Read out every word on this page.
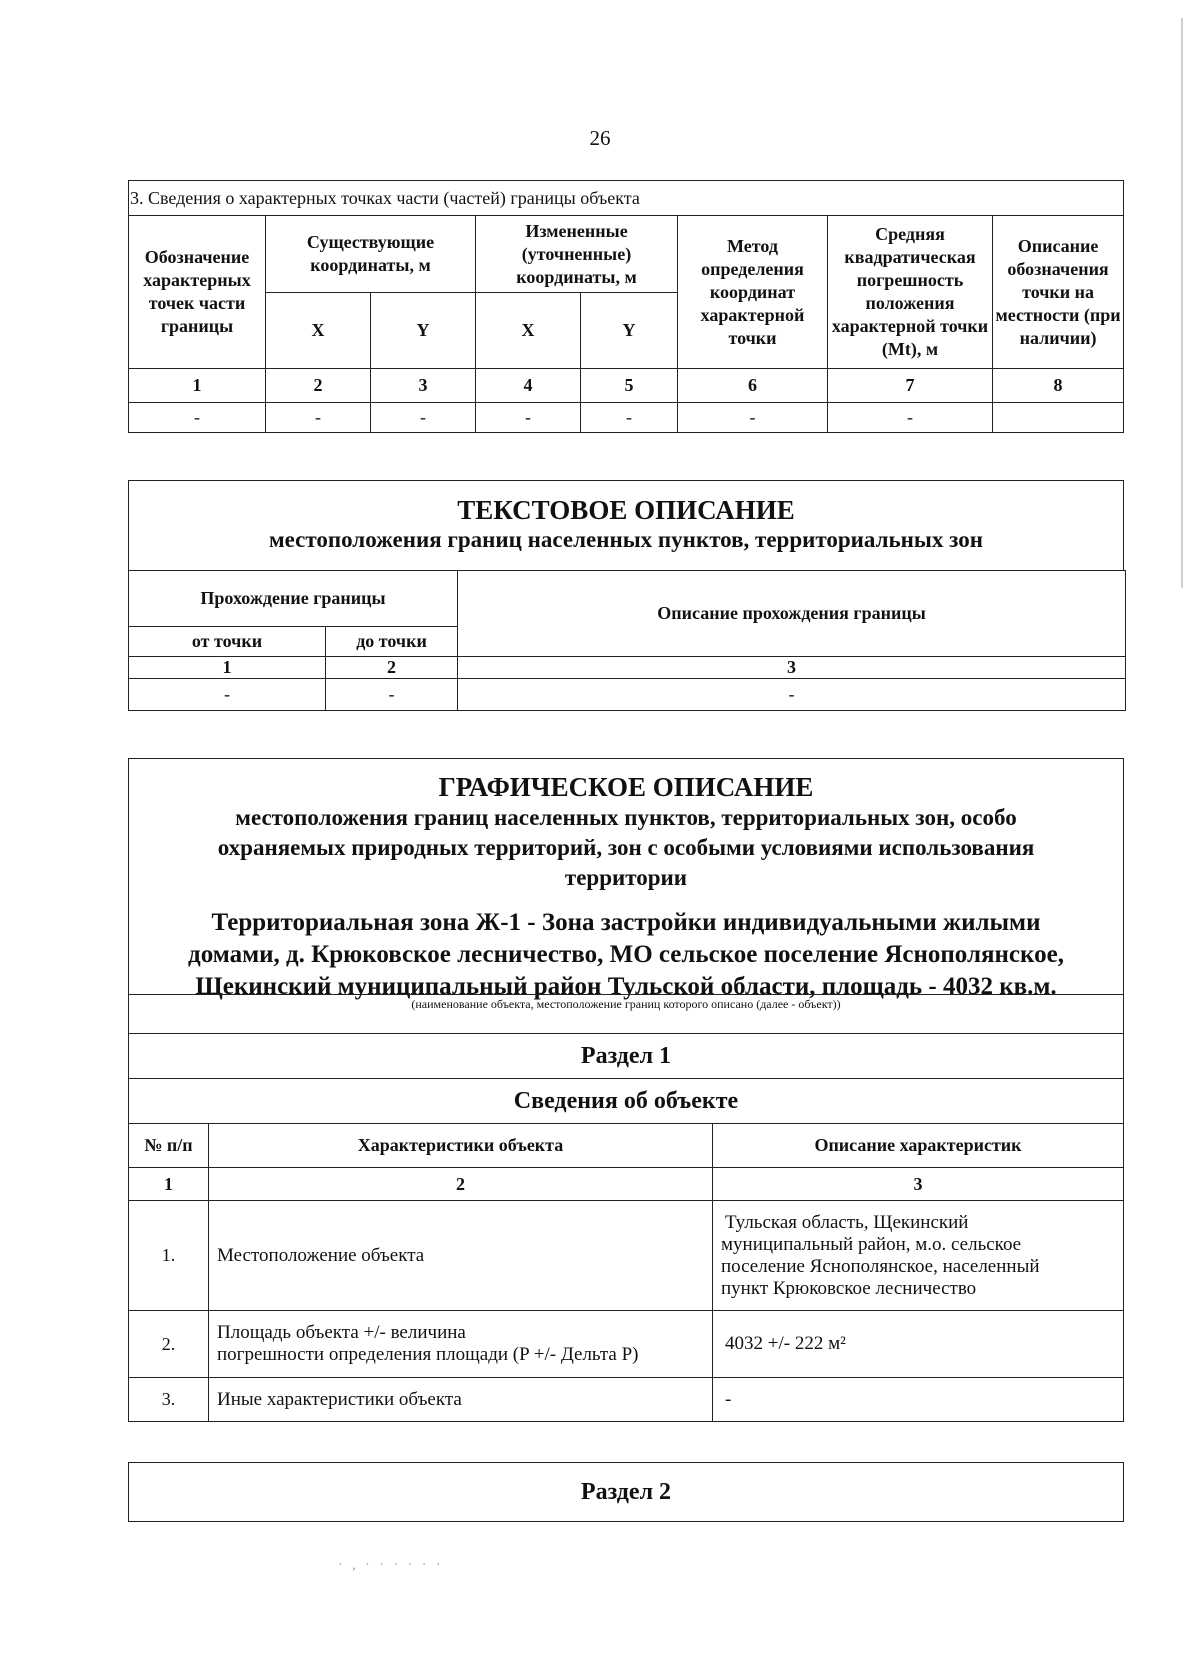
26
3. Сведения о характерных точках части (частей) границы объекта							
Обозначение характерных точек части границы	Существующие координаты, м		Измененные (уточненные) координаты, м		Метод определения координат характерной точки	Средняя квадратическая погрешность положения характерной точки (Mt), м	Описание обозначения точки на местности (при наличии)
	X	Y	X	Y			
1	2	3	4	5	6	7	8
-	-	-	-	-	-	-	
ТЕКСТОВОЕ ОПИСАНИЕ
местоположения границ населенных пунктов, территориальных зон
Прохождение границы		Описание прохождения границы
от точки	до точки	
1	2	3
-	-	-
ГРАФИЧЕСКОЕ ОПИСАНИЕ
местоположения границ населенных пунктов, территориальных зон, особо
охраняемых природных территорий, зон с особыми условиями использования
территории
Территориальная зона Ж-1 - Зона застройки индивидуальными жилыми
домами, д. Крюковское лесничество, МО сельское поселение Яснополянское,
Щекинский муниципальный район Тульской области, площадь - 4032 кв.м.
(наименование объекта, местоположение границ которого описано (далее - объект))		
Раздел 1		
Сведения об объекте		
№ п/п	Характеристики объекта	Описание характеристик
1	2	3
1.	Местоположение объекта	Тульская область, Щекинский
муниципальный район, м.о. сельское
поселение Яснополянское, населенный
пункт Крюковское лесничество

2.	Площадь объекта +/- величина
погрешности определения площади (P +/- Дельта P)	4032 +/- 222 м²
3.	Иные характеристики объекта	-
Раздел 2
· , · · · · · ·
